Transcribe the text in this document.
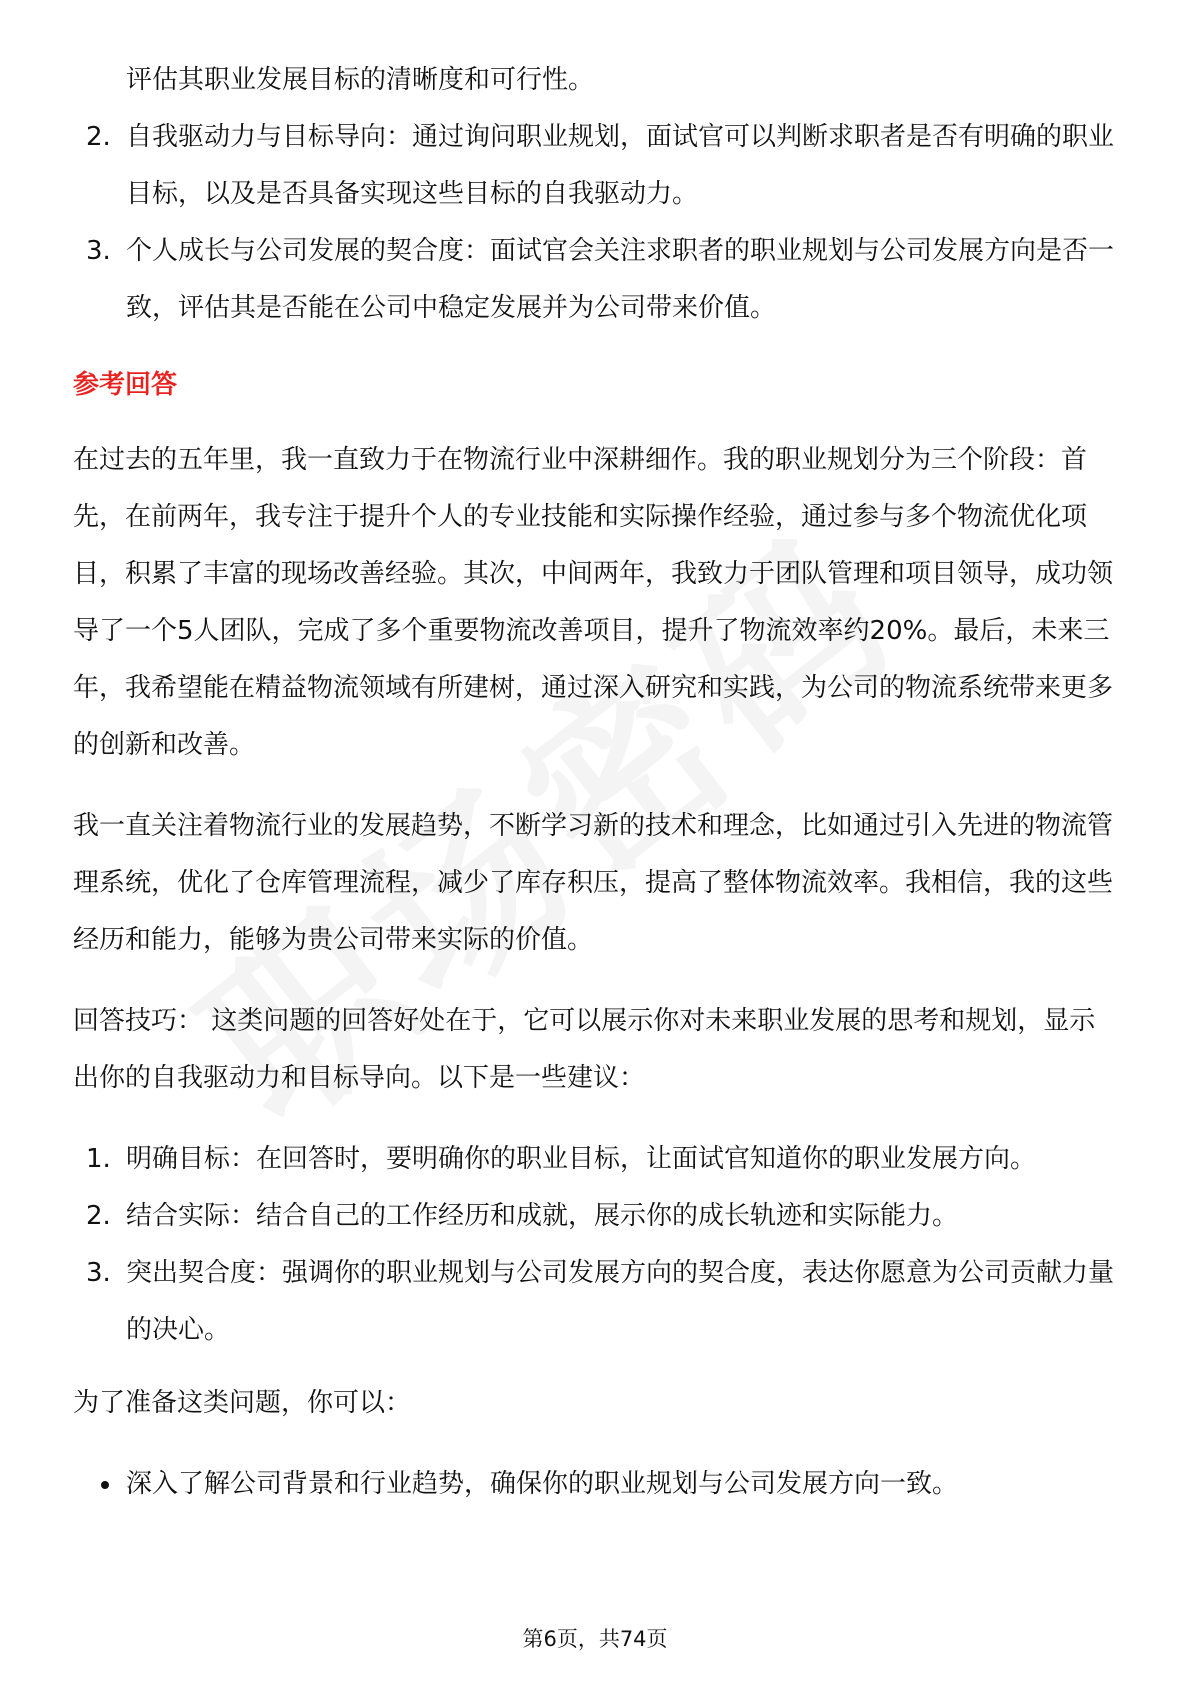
评估其职业发展目标的清晰度和可行性。
2. 自我驱动力与目标导向：通过询问职业规划，面试官可以判断求职者是否有明确的职业目标，以及是否具备实现这些目标的自我驱动力。
3. 个人成长与公司发展的契合度：面试官会关注求职者的职业规划与公司发展方向是否一致，评估其是否能在公司中稳定发展并为公司带来价值。
参考回答

在过去的五年里，我一直致力于在物流行业中深耕细作。我的职业规划分为三个阶段：首先，在前两年，我专注于提升个人的专业技能和实际操作经验，通过参与多个物流优化项目，积累了丰富的现场改善经验。其次，中间两年，我致力于团队管理和项目领导，成功领导了一个5人团队，完成了多个重要物流改善项目，提升了物流效率约20%。最后，未来三年，我希望能在精益物流领域有所建树，通过深入研究和实践，为公司的物流系统带来更多的创新和改善。

我一直关注着物流行业的发展趋势，不断学习新的技术和理念，比如通过引入先进的物流管理系统，优化了仓库管理流程，减少了库存积压，提高了整体物流效率。我相信，我的这些经历和能力，能够为贵公司带来实际的价值。

回答技巧： 这类问题的回答好处在于，它可以展示你对未来职业发展的思考和规划，显示出你的自我驱动力和目标导向。以下是一些建议：

1. 明确目标：在回答时，要明确你的职业目标，让面试官知道你的职业发展方向。
2. 结合实际：结合自己的工作经历和成就，展示你的成长轨迹和实际能力。
3. 突出契合度：强调你的职业规划与公司发展方向的契合度，表达你愿意为公司贡献力量的决心。

为了准备这类问题，你可以：

深入了解公司背景和行业趋势，确保你的职业规划与公司发展方向一致。
第6页，共74页
